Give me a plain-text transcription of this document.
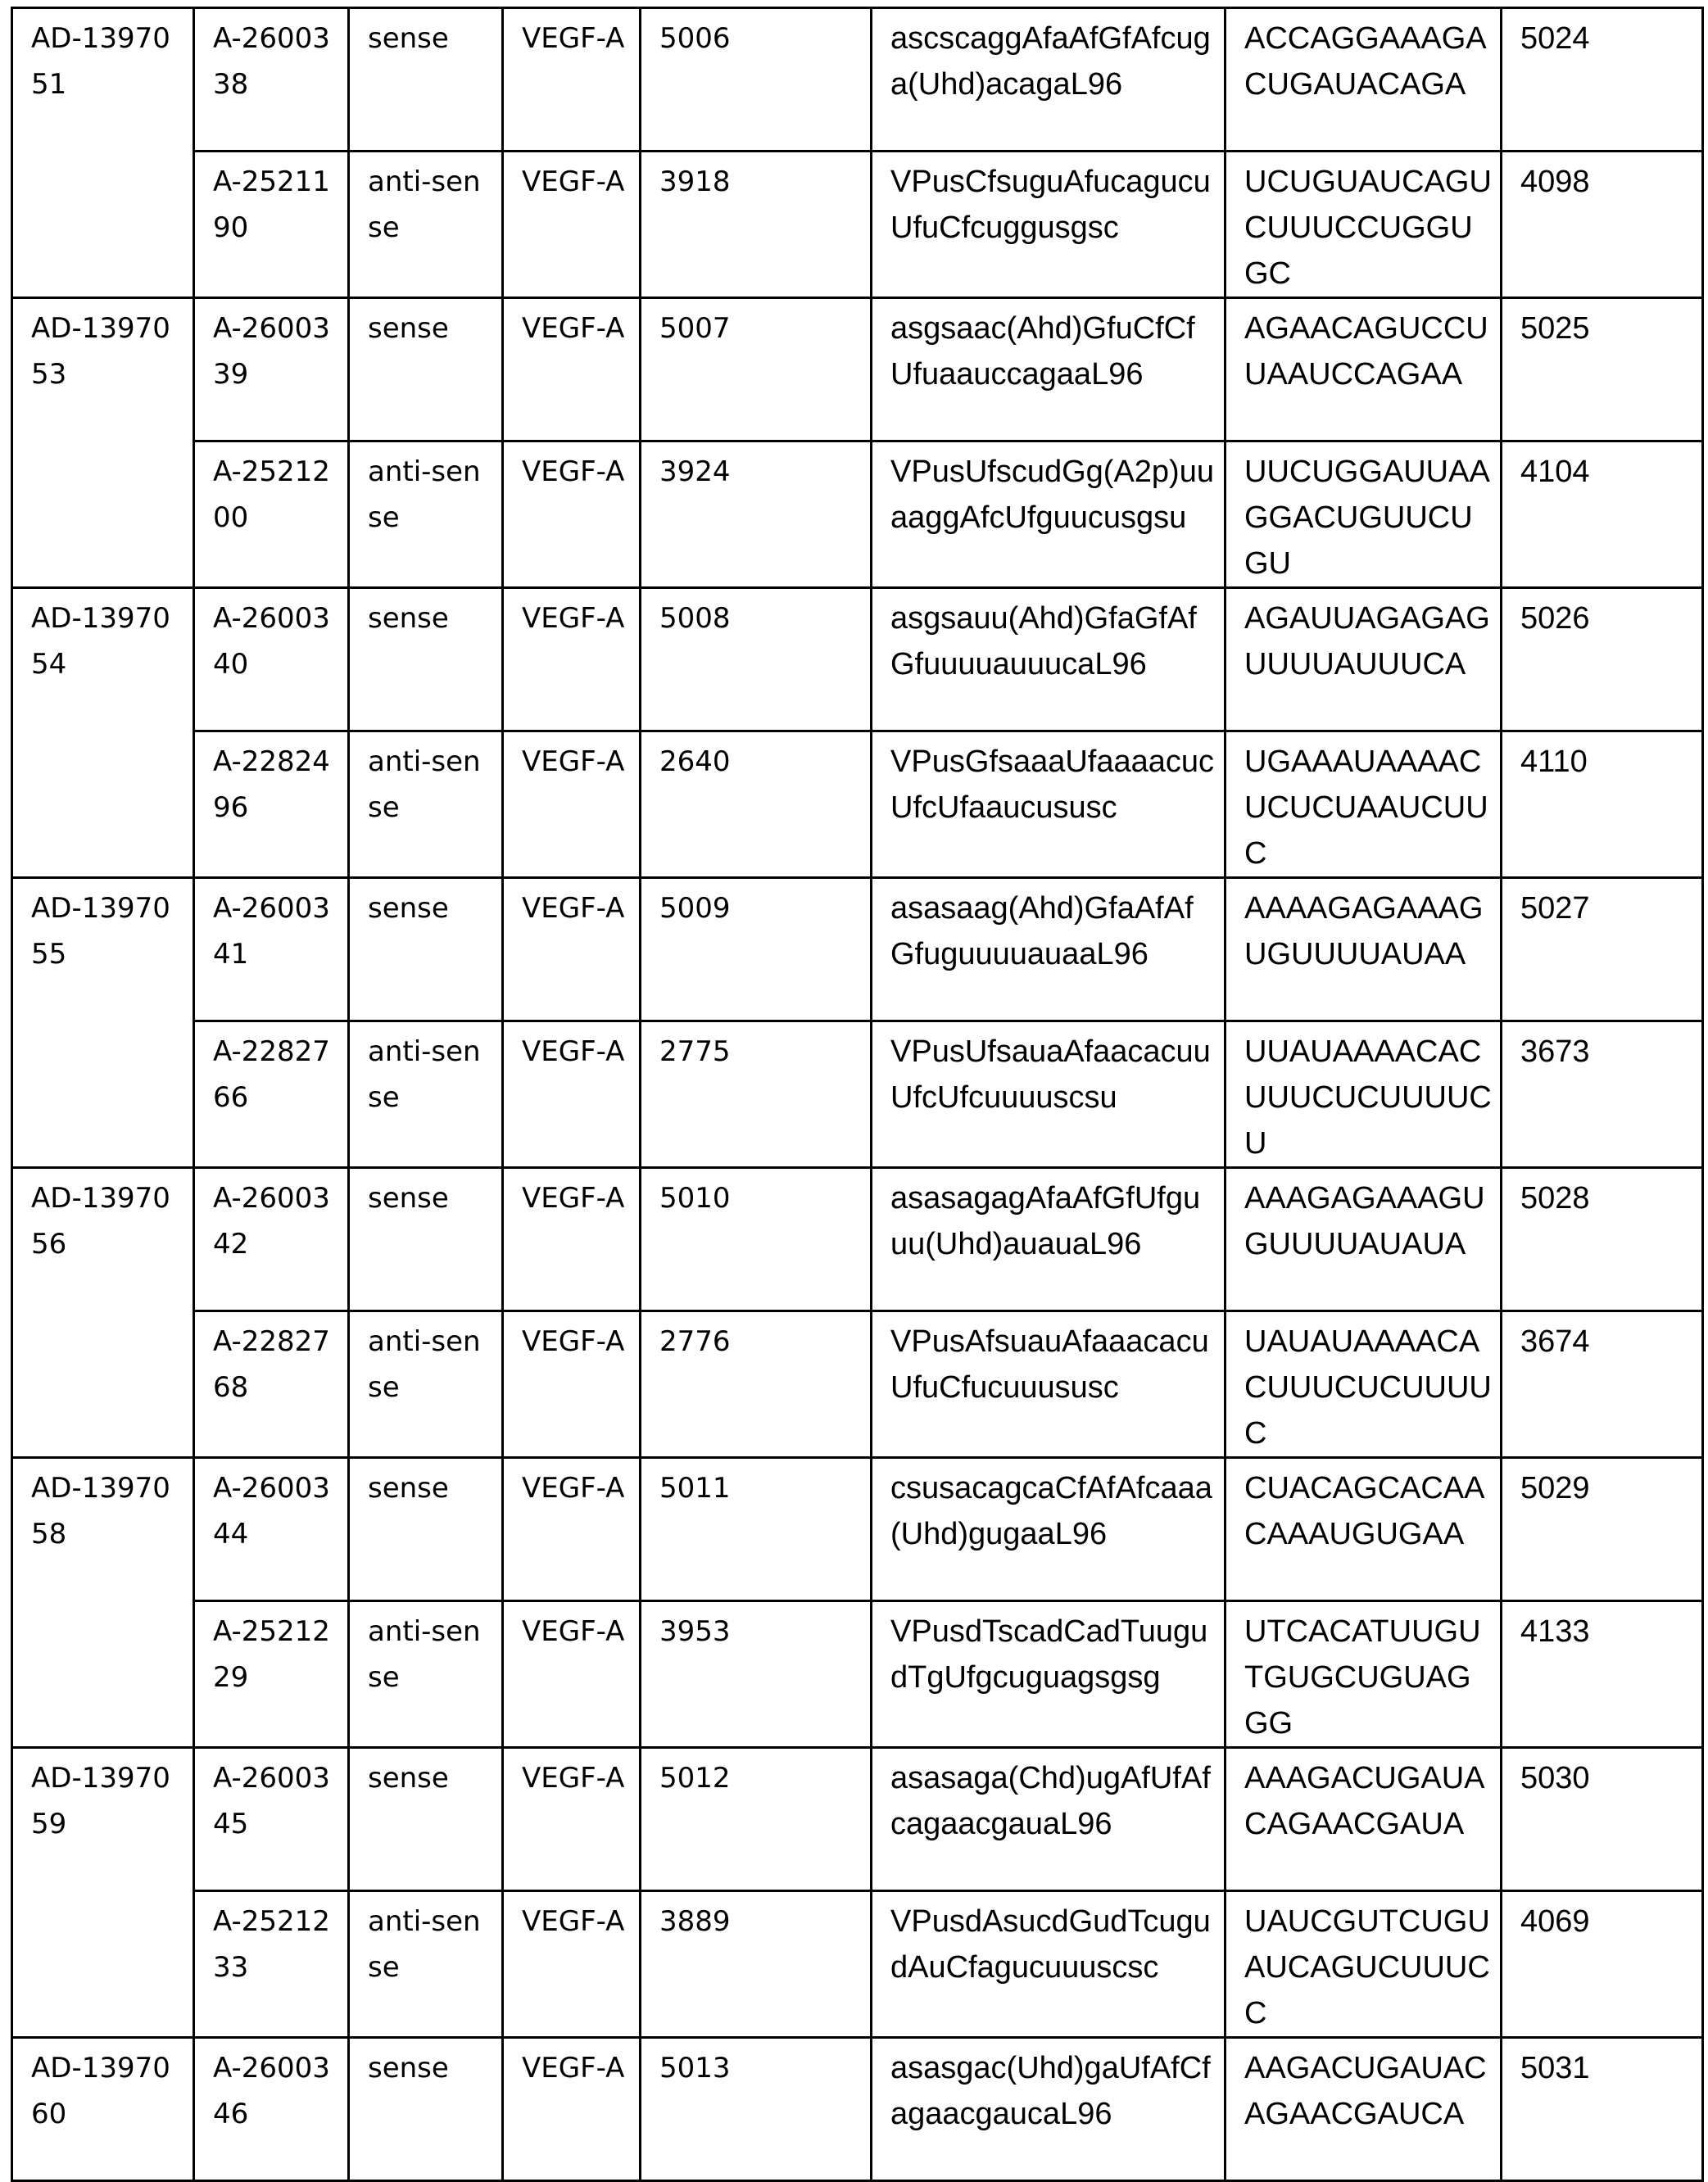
AD-1397051	A-2600338	sense	VEGF-A	5006	ascscaggAfaAfGfAfcuga(Uhd)acagaL96	ACCAGGAAAGACUGAUACAGA	5024
A-2521190	anti-sense	VEGF-A	3918	VPusCfsuguAfucagucuUfuCfcuggusgsc	UCUGUAUCAGUCUUUCCUGGUGC	4098
AD-1397053	A-2600339	sense	VEGF-A	5007	asgsaac(Ahd)GfuCfCfUfuaauccagaaL96	AGAACAGUCCUUAAUCCAGAA	5025
A-2521200	anti-sense	VEGF-A	3924	VPusUfscudGg(A2p)uuaaggAfcUfguucusgsu	UUCUGGAUUAAGGACUGUUCUGU	4104
AD-1397054	A-2600340	sense	VEGF-A	5008	asgsauu(Ahd)GfaGfAfGfuuuuauuucaL96	AGAUUAGAGAGUUUUAUUUCA	5026
A-2282496	anti-sense	VEGF-A	2640	VPusGfsaaaUfaaaacucUfcUfaaucususc	UGAAAUAAAACUCUCUAAUCUUC	4110
AD-1397055	A-2600341	sense	VEGF-A	5009	asasaag(Ahd)GfaAfAfGfuguuuuauaaL96	AAAAGAGAAAGUGUUUUAUAA	5027
A-2282766	anti-sense	VEGF-A	2775	VPusUfsauaAfaacacuuUfcUfcuuuuscsu	UUAUAAAACACUUUCUCUUUUCU	3673
AD-1397056	A-2600342	sense	VEGF-A	5010	asasagagAfaAfGfUfguuu(Uhd)auauaL96	AAAGAGAAAGUGUUUUAUAUA	5028
A-2282768	anti-sense	VEGF-A	2776	VPusAfsuauAfaaacacuUfuCfucuuususc	UAUAUAAAACACUUUCUCUUUUC	3674
AD-1397058	A-2600344	sense	VEGF-A	5011	csusacagcaCfAfAfcaaa(Uhd)gugaaL96	CUACAGCACAACAAAUGUGAA	5029
A-2521229	anti-sense	VEGF-A	3953	VPusdTscadCadTuugudTgUfgcuguagsgsg	UTCACATUUGUTGUGCUGUAGGG	4133
AD-1397059	A-2600345	sense	VEGF-A	5012	asasaga(Chd)ugAfUfAfcagaacgauaL96	AAAGACUGAUACAGAACGAUA	5030
A-2521233	anti-sense	VEGF-A	3889	VPusdAsucdGudTcugudAuCfagucuuuscsc	UAUCGUTCUGUAUCAGUCUUUCC	4069
AD-1397060	A-2600346	sense	VEGF-A	5013	asasgac(Uhd)gaUfAfCfagaacgaucaL96	AAGACUGAUACAGAACGAUCA	5031
